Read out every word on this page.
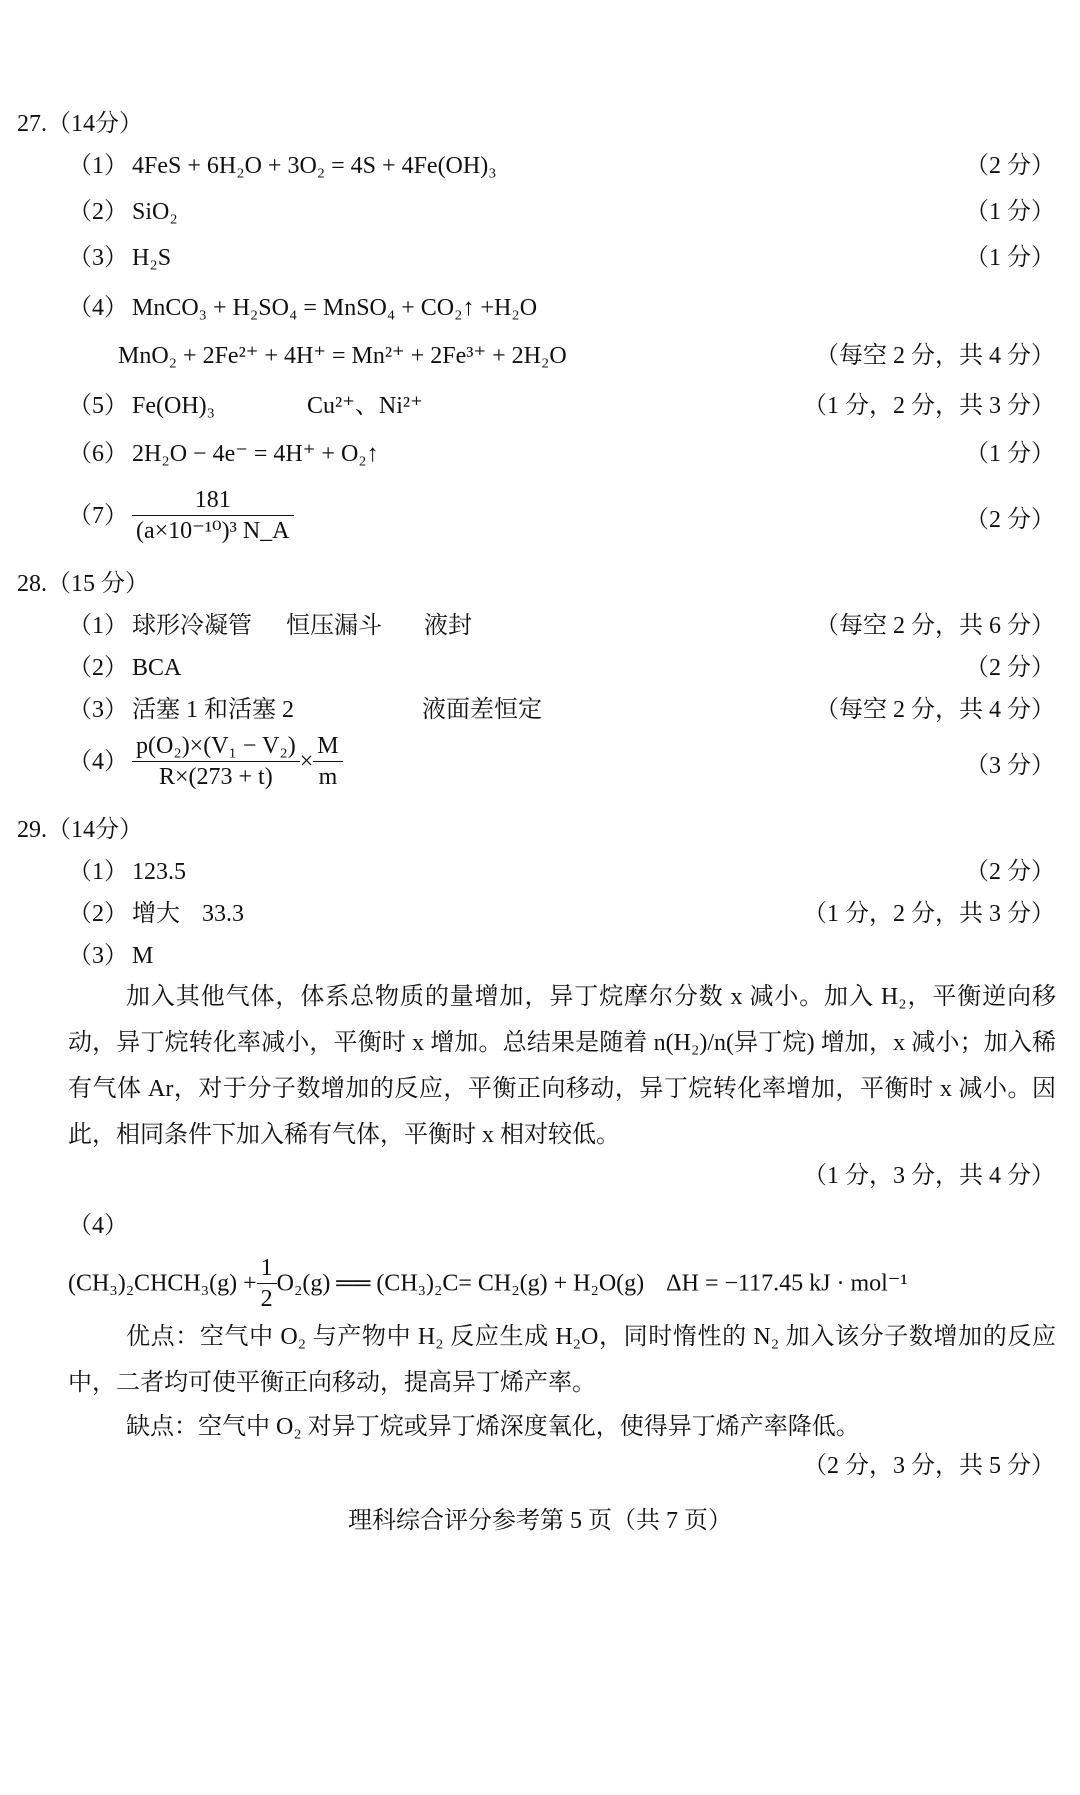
27.（14分）
（1） 4FeS + 6H₂O + 3O₂ = 4S + 4Fe(OH)₃	（2 分）
（2） SiO₂	（1 分）
（3） H₂S	（1 分）
（4） MnCO₃ + H₂SO₄ = MnSO₄ + CO₂↑ +H₂O
MnO₂ + 2Fe²⁺ + 4H⁺ = Mn²⁺ + 2Fe³⁺ + 2H₂O	（每空 2 分，共 4 分）
（5） Fe(OH)₃	Cu²⁺、Ni²⁺	（1 分，2 分，共 3 分）
（6） 2H₂O − 4e⁻ = 4H⁺ + O₂↑	（1 分）
$(7) \frac{181}{\text{(a×10⁻¹⁰)³ N\_A}}$	（2 分）
28.（15 分）
（1） 球形冷凝管 恒压漏斗 液封	（每空 2 分，共 6 分）
（2） BCA	（2 分）
（3） 活塞 1 和活塞 2	液面差恒定	（每空 2 分，共 4 分）
$(4) \frac{\text{p(O₂)×(V₁ − V₂)}}{R\times(273 + t)} \times \frac{M}{m}$	（3 分）
29.（14分）
（1） 123.5	（2 分）
（2） 增大 33.3	（1 分，2 分，共 3 分）
（3） M
加入其他气体，体系总物质的量增加，异丁烷摩尔分数 x 减小。加入 H₂，平衡逆向移动，异丁烷转化率减小，平衡时 x 增加。总结果是随着 n(H₂)/n(异丁烷) 增加，x 减小；加入稀有气体 Ar，对于分子数增加的反应，平衡正向移动，异丁烷转化率增加，平衡时 x 减小。因此，相同条件下加入稀有气体，平衡时 x 相对较低。
（1 分，3 分，共 4 分）
（4）
(CH₃)₂CHCH₃(g) + $\frac{1}{2} O_2(g)$ ══ (CH₃)₂C= CH₂(g) + H₂O(g) ΔH = −117.45 kJ · mol⁻¹
优点：空气中 O₂ 与产物中 H₂ 反应生成 H₂O，同时惰性的 N₂ 加入该分子数增加的反应中，二者均可使平衡正向移动，提高异丁烯产率。
缺点：空气中 O₂ 对异丁烷或异丁烯深度氧化，使得异丁烯产率降低。
（2 分，3 分，共 5 分）
理科综合评分参考第 5 页（共 7 页）
